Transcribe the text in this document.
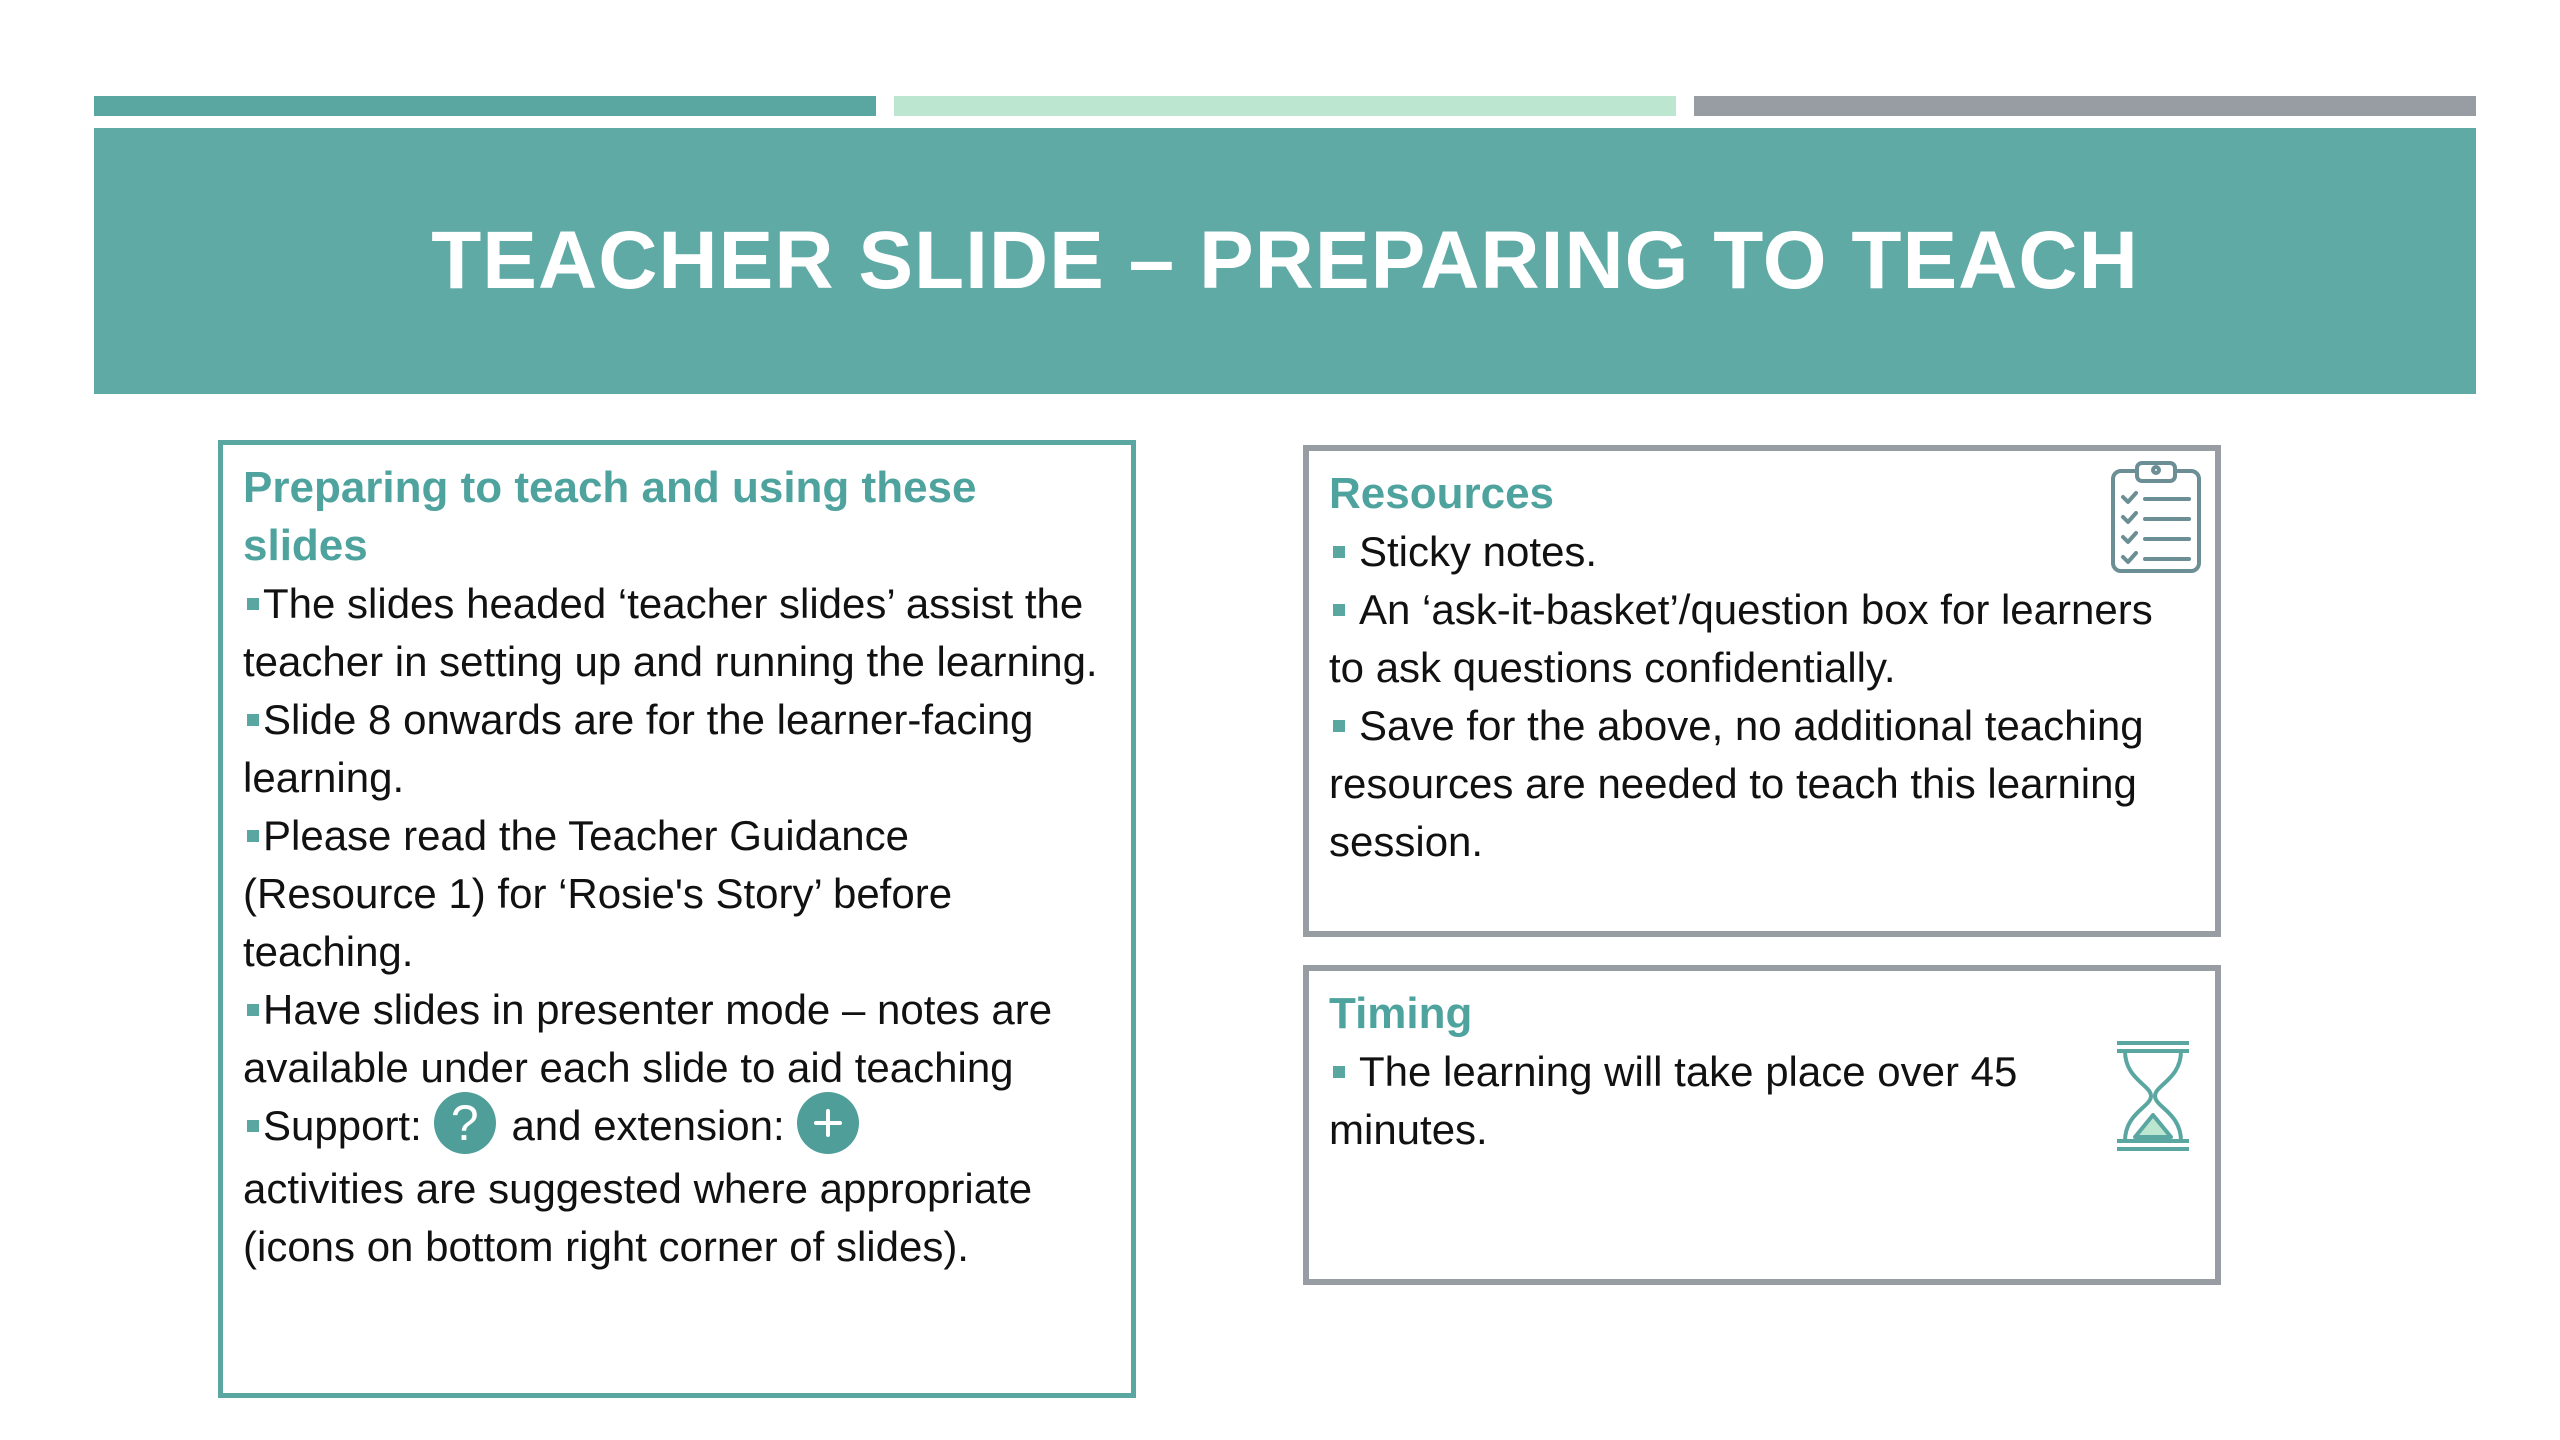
TEACHER SLIDE – PREPARING TO TEACH

Preparing to teach and using these slides

The slides headed ‘teacher slides’ assist the teacher in setting up and running the learning.

Slide 8 onwards are for the learner-facing learning.

Please read the Teacher Guidance (Resource 1) for ‘Rosie's Story’ before teaching.

Have slides in presenter mode – notes are available under each slide to aid teaching

Support: ? and extension:

activities are suggested where appropriate (icons on bottom right corner of slides).

Resources

Sticky notes.

An ‘ask-it-basket’/question box for learners to ask questions confidentially.

Save for the above, no additional teaching resources are needed to teach this learning session.

Timing

The learning will take place over 45 minutes.
